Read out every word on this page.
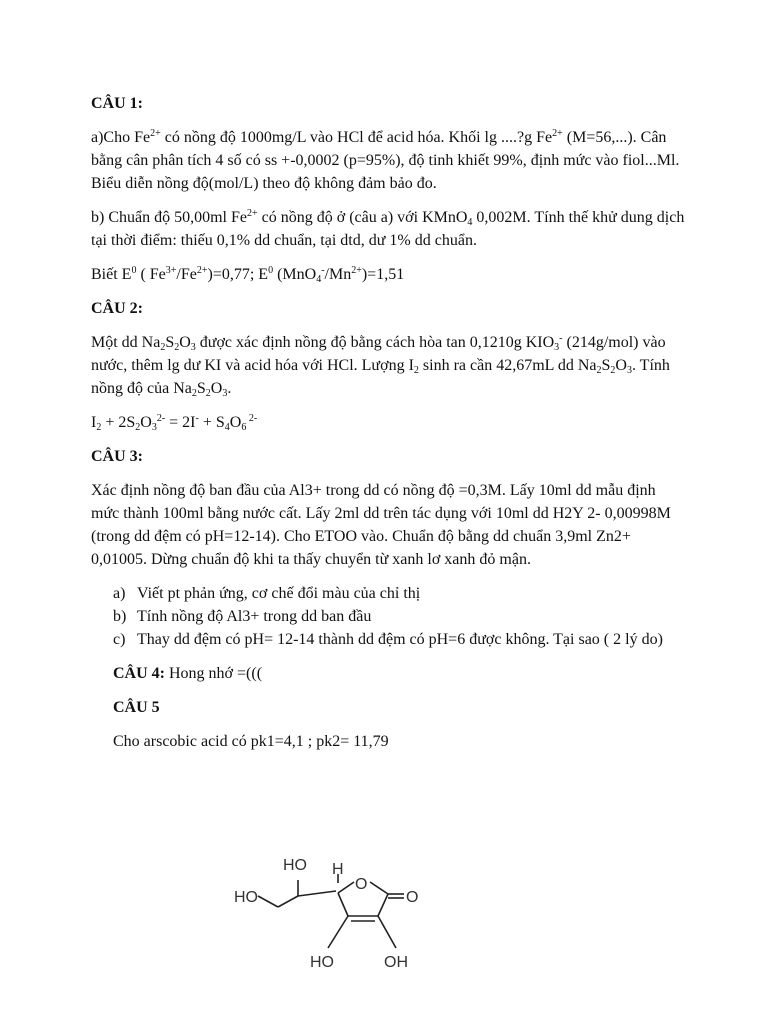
CÂU 1:

a)Cho $Fe^{2+}$ có nồng độ 1000mg/L vào HCl để acid hóa. Khối lg ....?g $Fe^{2+}$ (M=56,...). Cân bằng cân phân tích 4 số có ss +-0,0002 (p=95%), độ tinh khiết 99%, định mức vào fiol...Ml. Biểu diễn nồng độ(mol/L) theo độ không đảm bảo đo.

b) Chuẩn độ 50,00ml $Fe^{2+}$ có nồng độ ở (câu a) với KMnO$_4$ 0,002M. Tính thế khử dung dịch tại thời điểm: thiếu 0,1% dd chuẩn, tại dtd, dư 1% dd chuẩn.

Biết $E^0$ ( $Fe^{3+}/Fe^{2+})=0,77$; $E^0$ $(MnO_4^-/Mn^{2+})=1,51$

CÂU 2:

Một dd $Na_2S_2O_3$ được xác định nồng độ bằng cách hòa tan 0,1210g $KIO_3^-$ (214g/mol) vào nước, thêm lg dư KI và acid hóa với HCl. Lượng $I_2$ sinh ra cần 42,67mL dd $Na_2S_2O_3$. Tính nồng độ của $Na_2S_2O_3$.

$I_2 + 2S_2O_3^{2-} = 2I^- + S_4O_6$ $^{2-}$

CÂU 3:

Xác định nồng độ ban đầu của Al3+ trong dd có nồng độ =0,3M. Lấy 10ml dd mẫu định mức thành 100ml bằng nước cất. Lấy 2ml dd trên tác dụng với 10ml dd H2Y 2- 0,00998M (trong dd đệm có pH=12-14). Cho ETOO vào. Chuẩn độ bằng dd chuẩn 3,9ml Zn2+ 0,01005. Dừng chuẩn độ khi ta thấy chuyển từ xanh lơ xanh đỏ mận.

a) Viết pt phản ứng, cơ chế đổi màu của chỉ thị
b) Tính nồng độ Al3+ trong dd ban đầu
c) Thay dd đệm có pH= 12-14 thành dd đệm có pH=6 được không. Tại sao ( 2 lý do)

CÂU 4: Hong nhớ =(((

CÂU 5

Cho arscobic acid có pk1=4,1 ; pk2= 11,79

HO
HO H
O
O
HO	OH
